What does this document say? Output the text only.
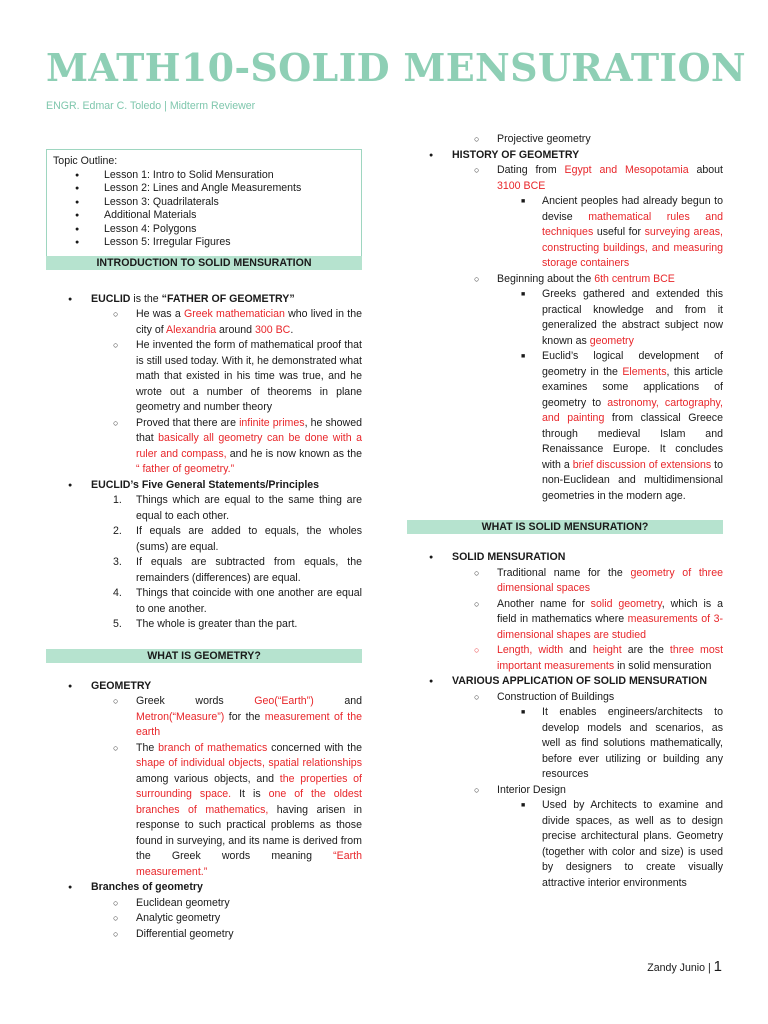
MATH10-SOLID MENSURATION
ENGR. Edmar C. Toledo | Midterm Reviewer
Topic Outline:
● Lesson 1: Intro to Solid Mensuration
● Lesson 2: Lines and Angle Measurements
● Lesson 3: Quadrilaterals
● Additional Materials
● Lesson 4: Polygons
● Lesson 5: Irregular Figures
INTRODUCTION TO SOLID MENSURATION
● EUCLID is the “FATHER OF GEOMETRY”
○ He was a Greek mathematician who lived in the city of Alexandria around 300 BC.
○ He invented the form of mathematical proof that is still used today. With it, he demonstrated what math that existed in his time was true, and he wrote out a number of theorems in plane geometry and number theory
○ Proved that there are infinite primes, he showed that basically all geometry can be done with a ruler and compass, and he is now known as the “ father of geometry.”
● EUCLID’s Five General Statements/Principles
1. Things which are equal to the same thing are equal to each other.
2. If equals are added to equals, the wholes (sums) are equal.
3. If equals are subtracted from equals, the remainders (differences) are equal.
4. Things that coincide with one another are equal to one another.
5. The whole is greater than the part.
WHAT IS GEOMETRY?
● GEOMETRY
○ Greek words Geo(“Earth”) and Metron(“Measure”) for the measurement of the earth
○ The branch of mathematics concerned with the shape of individual objects, spatial relationships among various objects, and the properties of surrounding space. It is one of the oldest branches of mathematics, having arisen in response to such practical problems as those found in surveying, and its name is derived from the Greek words meaning “Earth measurement.”
● Branches of geometry
○ Euclidean geometry
○ Analytic geometry
○ Differential geometry
○ Projective geometry
● HISTORY OF GEOMETRY
○ Dating from Egypt and Mesopotamia about 3100 BCE
■ Ancient peoples had already begun to devise mathematical rules and techniques useful for surveying areas, constructing buildings, and measuring storage containers
○ Beginning about the 6th centrum BCE
■ Greeks gathered and extended this practical knowledge and from it generalized the abstract subject now known as geometry
■ Euclid’s logical development of geometry in the Elements, this article examines some applications of geometry to astronomy, cartography, and painting from classical Greece through medieval Islam and Renaissance Europe. It concludes with a brief discussion of extensions to non-Euclidean and multidimensional geometries in the modern age.
WHAT IS SOLID MENSURATION?
● SOLID MENSURATION
○ Traditional name for the geometry of three dimensional spaces
○ Another name for solid geometry, which is a field in mathematics where measurements of 3-dimensional shapes are studied
○ Length, width and height are the three most important measurements in solid mensuration
● VARIOUS APPLICATION OF SOLID MENSURATION
○ Construction of Buildings
■ It enables engineers/architects to develop models and scenarios, as well as find solutions mathematically, before ever utilizing or building any resources
○ Interior Design
■ Used by Architects to examine and divide spaces, as well as to design precise architectural plans. Geometry (together with color and size) is used by designers to create visually attractive interior environments
Zandy Junio | 1
